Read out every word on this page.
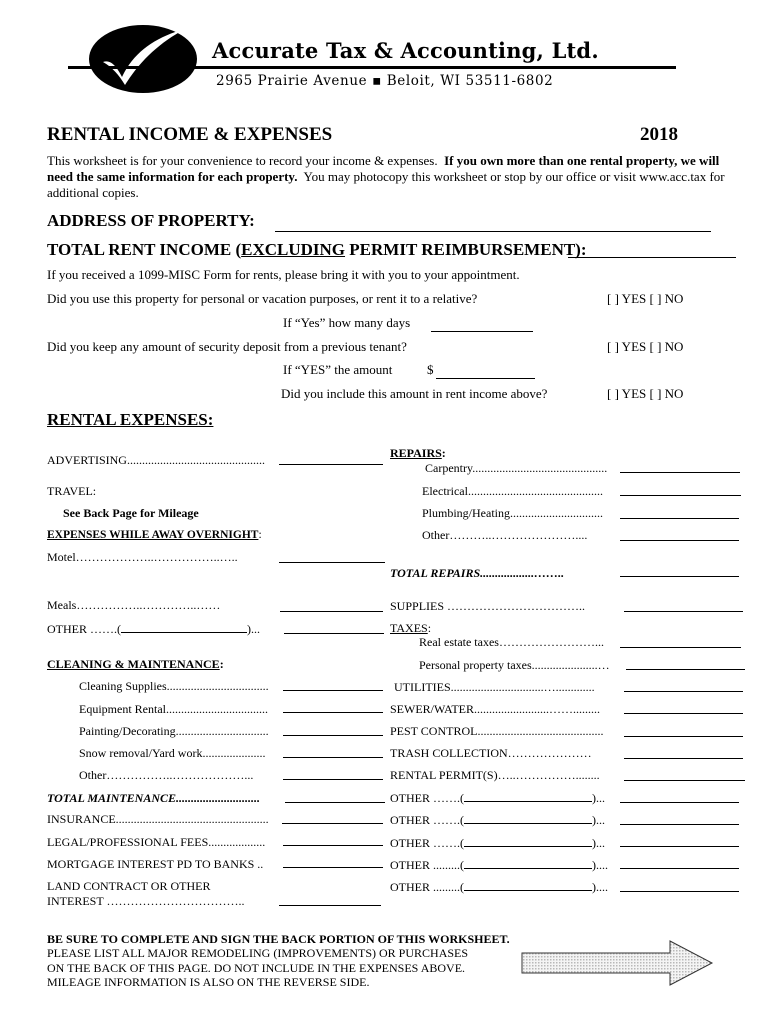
Accurate Tax & Accounting, Ltd.
2965 Prairie Avenue ▪ Beloit, WI 53511-6802
RENTAL INCOME & EXPENSES	2018
This worksheet is for your convenience to record your income & expenses. If you own more than one rental property, we will need the same information for each property. You may photocopy this worksheet or stop by our office or visit www.acc.tax for additional copies.
ADDRESS OF PROPERTY:
TOTAL RENT INCOME (EXCLUDING PERMIT REIMBURSEMENT):
If you received a 1099-MISC Form for rents, please bring it with you to your appointment.
Did you use this property for personal or vacation purposes, or rent it to a relative?	[ ] YES [ ] NO
If “Yes” how many days
Did you keep any amount of security deposit from a previous tenant?	[ ] YES [ ] NO
If “YES” the amount	$
Did you include this amount in rent income above?	[ ] YES [ ] NO
RENTAL EXPENSES:
ADVERTISING..............................................
TRAVEL:
See Back Page for Mileage
EXPENSES WHILE AWAY OVERNIGHT:
Motel………………..……………..…..
Meals……………..…………..……
OTHER …….(	)...
CLEANING & MAINTENANCE:
Cleaning Supplies..................................
Equipment Rental..................................
Painting/Decorating...............................
Snow removal/Yard work.....................
Other……………..………………...
TOTAL MAINTENANCE............................
INSURANCE...................................................
LEGAL/PROFESSIONAL FEES...................
MORTGAGE INTEREST PD TO BANKS ..
LAND CONTRACT OR OTHER
INTEREST ……………………………..
REPAIRS:
Carpentry.............................................
Electrical.............................................
Plumbing/Heating...............................
Other………..…………………....
TOTAL REPAIRS..................……..
SUPPLIES ……………………………..
TAXES:
Real estate taxes……………………...
Personal property taxes......................…
UTILITIES...............................….............
SEWER/WATER.........................…….........
PEST CONTROL..........................................
TRASH COLLECTION…………………
RENTAL PERMIT(S)…..……………........
OTHER …….(	)...
OTHER …….(	)...
OTHER …….(	)...
OTHER .........(	)....
OTHER .........(	)....
BE SURE TO COMPLETE AND SIGN THE BACK PORTION OF THIS WORKSHEET.
PLEASE LIST ALL MAJOR REMODELING (IMPROVEMENTS) OR PURCHASES
ON THE BACK OF THIS PAGE. DO NOT INCLUDE IN THE EXPENSES ABOVE.
MILEAGE INFORMATION IS ALSO ON THE REVERSE SIDE.
